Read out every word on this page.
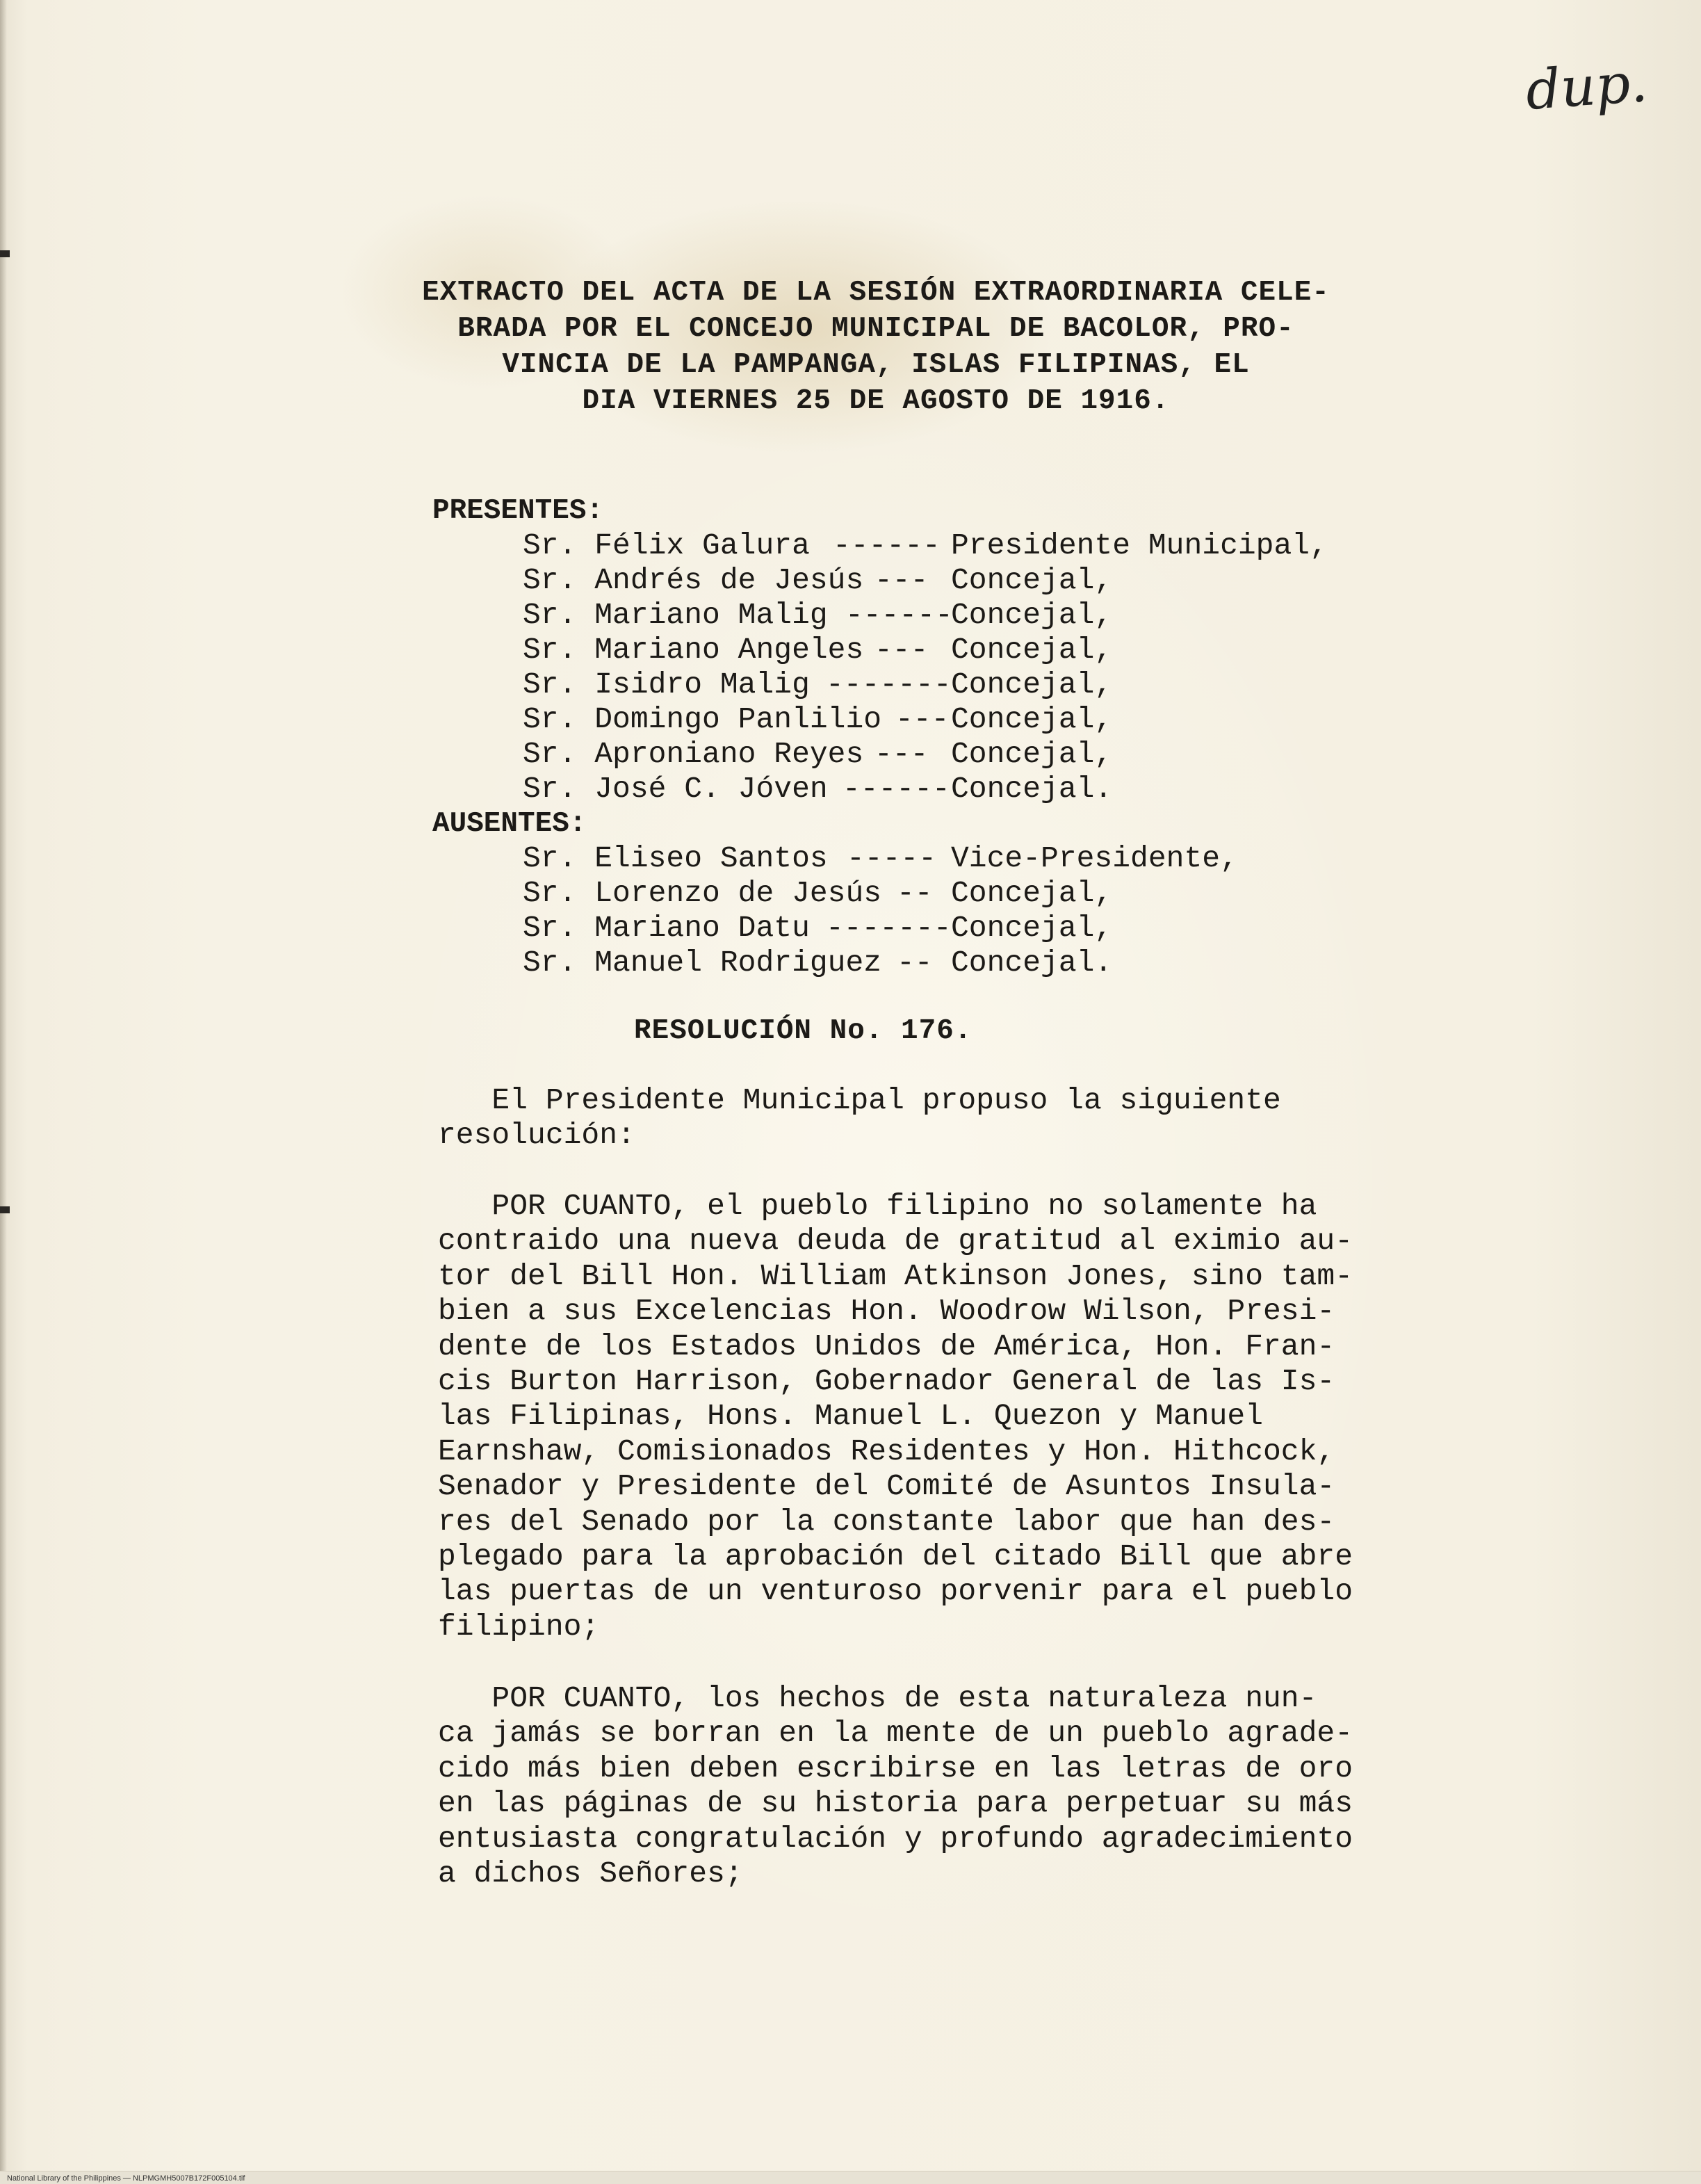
dup.
EXTRACTO DEL ACTA DE LA SESIÓN EXTRAORDINARIA CELE-
BRADA POR EL CONCEJO MUNICIPAL DE BACOLOR, PRO-
VINCIA DE LA PAMPANGA, ISLAS FILIPINAS, EL
DIA VIERNES 25 DE AGOSTO DE 1916.
PRESENTES:
Sr. Félix Galura ------ Presidente Municipal,
Sr. Andrés de Jesús --- Concejal,
Sr. Mariano Malig ------
Concejal,
Sr. Mariano Angeles --- Concejal,
Sr. Isidro Malig ------- Concejal,
Sr. Domingo Panlilio --- Concejal,
Sr. Aproniano Reyes --- Concejal,
Sr. José C. Jóven ------ Concejal.
AUSENTES:
Sr. Eliseo Santos ----- Vice-Presidente,
Sr. Lorenzo de Jesús -- Concejal,
Sr. Mariano Datu ------- Concejal,
Sr. Manuel Rodriguez -- Concejal.
RESOLUCIÓN No. 176.
El Presidente Municipal propuso la siguiente
resolución:
POR CUANTO, el pueblo filipino no solamente ha
contraido una nueva deuda de gratitud al eximio au-
tor del Bill Hon. William Atkinson Jones, sino tam-
bien a sus Excelencias Hon. Woodrow Wilson, Presi-
dente de los Estados Unidos de América, Hon. Fran-
cis Burton Harrison, Gobernador General de las Is-
las Filipinas, Hons. Manuel L. Quezon y Manuel
Earnshaw, Comisionados Residentes y Hon. Hithcock,
Senador y Presidente del Comité de Asuntos Insula-
res del Senado por la constante labor que han des-
plegado para la aprobación del citado Bill que abre
las puertas de un venturoso porvenir para el pueblo
filipino;
POR CUANTO, los hechos de esta naturaleza nun-
ca jamás se borran en la mente de un pueblo agrade-
cido más bien deben escribirse en las letras de oro
en las páginas de su historia para perpetuar su más
entusiasta congratulación y profundo agradecimiento
a dichos Señores;
National Library of the Philippines — NLPMGMH5007B172F005104.tif
